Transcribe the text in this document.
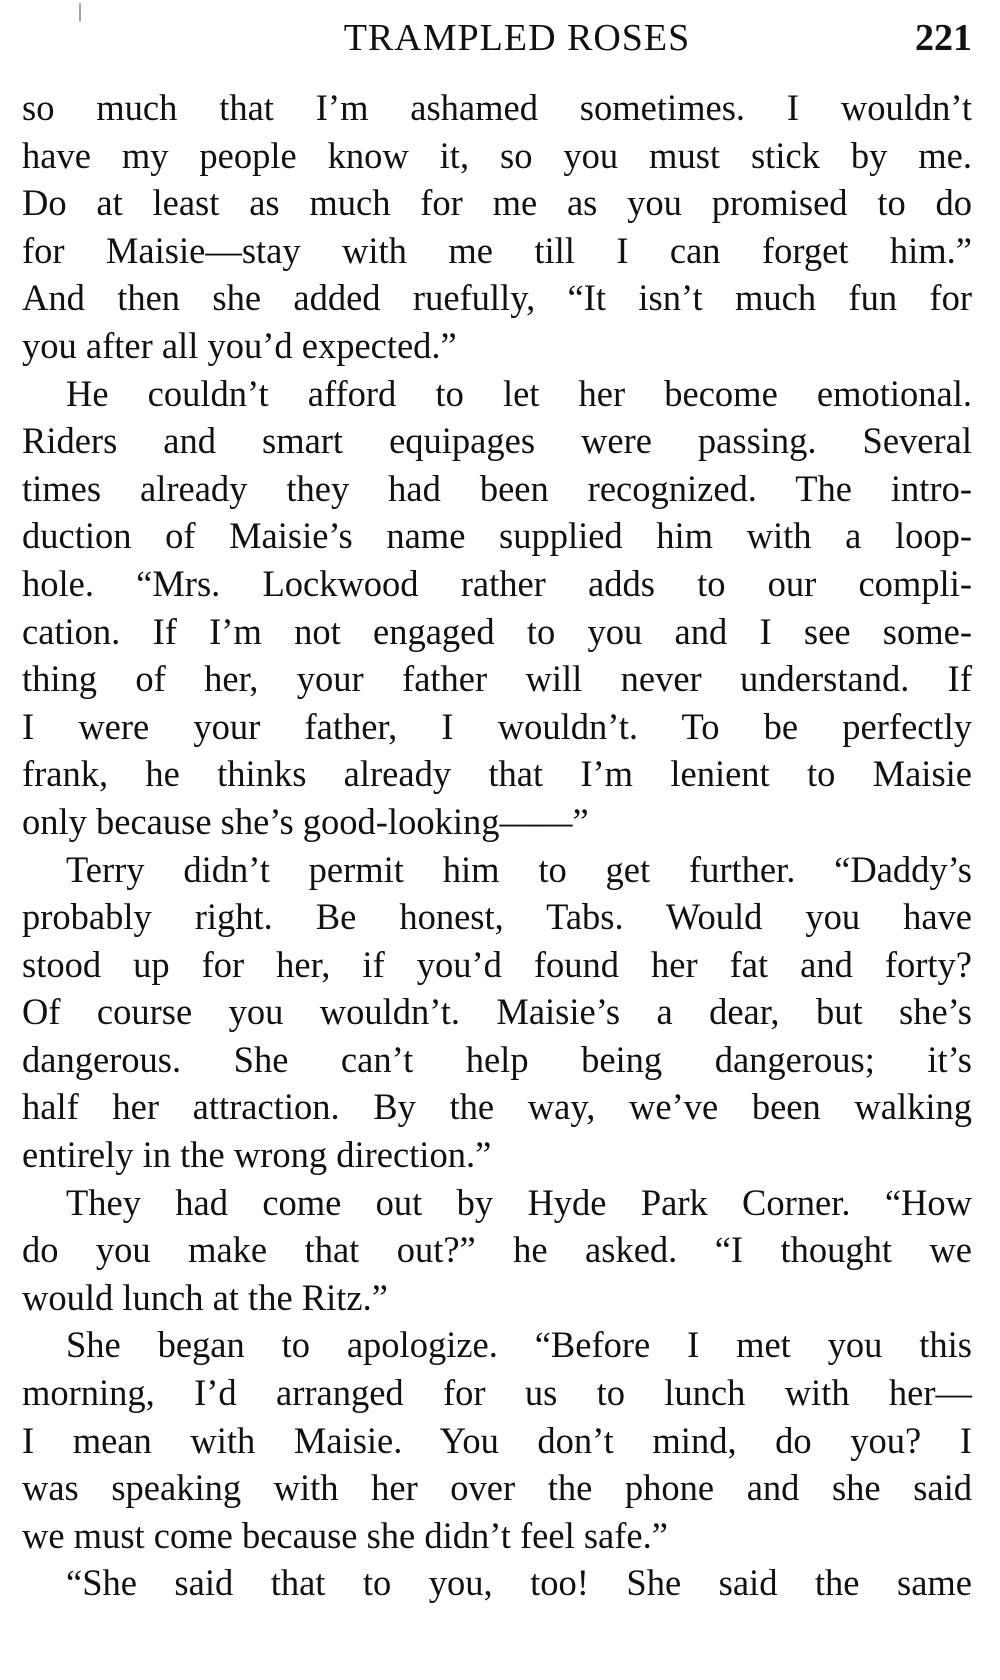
TRAMPLED ROSES	221
so much that I’m ashamed sometimes. I wouldn’t
have my people know it, so you must stick by me.
Do at least as much for me as you promised to do
for Maisie—stay with me till I can forget him.”
And then she added ruefully, “It isn’t much fun for
you after all you’d expected.”
He couldn’t afford to let her become emotional.
Riders and smart equipages were passing. Several
times already they had been recognized. The intro-
duction of Maisie’s name supplied him with a loop-
hole. “Mrs. Lockwood rather adds to our compli-
cation. If I’m not engaged to you and I see some-
thing of her, your father will never understand. If
I were your father, I wouldn’t. To be perfectly
frank, he thinks already that I’m lenient to Maisie
only because she’s good-looking——”
Terry didn’t permit him to get further. “Daddy’s
probably right. Be honest, Tabs. Would you have
stood up for her, if you’d found her fat and forty?
Of course you wouldn’t. Maisie’s a dear, but she’s
dangerous. She can’t help being dangerous; it’s
half her attraction. By the way, we’ve been walking
entirely in the wrong direction.”
They had come out by Hyde Park Corner. “How
do you make that out?” he asked. “I thought we
would lunch at the Ritz.”
She began to apologize. “Before I met you this
morning, I’d arranged for us to lunch with her—
I mean with Maisie. You don’t mind, do you? I
was speaking with her over the phone and she said
we must come because she didn’t feel safe.”
“She said that to you, too! She said the same
|
